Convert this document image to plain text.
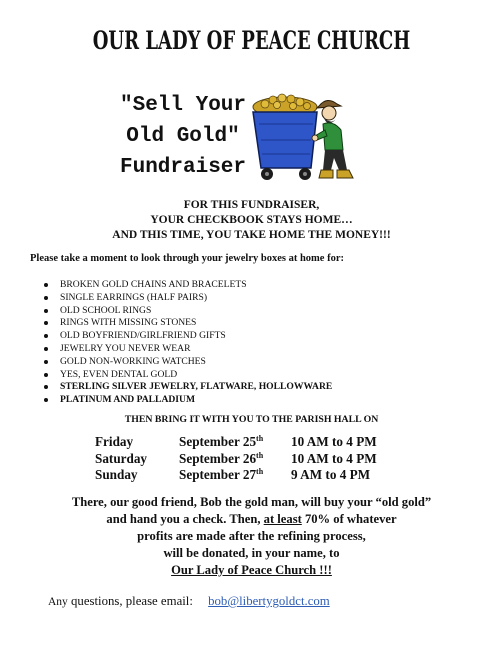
OUR LADY OF PEACE CHURCH
"Sell Your
Old Gold"
Fundraiser
FOR THIS FUNDRAISER,
YOUR CHECKBOOK STAYS HOME…
AND THIS TIME, YOU TAKE HOME THE MONEY!!!
Please take a moment to look through your jewelry boxes at home for:
BROKEN GOLD CHAINS AND BRACELETS
SINGLE EARRINGS (HALF PAIRS)
OLD SCHOOL RINGS
RINGS WITH MISSING STONES
OLD BOYFRIEND/GIRLFRIEND GIFTS
JEWELRY YOU NEVER WEAR
GOLD NON-WORKING WATCHES
YES, EVEN DENTAL GOLD
STERLING SILVER JEWELRY, FLATWARE, HOLLOWWARE
PLATINUM AND PALLADIUM
THEN BRING IT WITH YOU TO THE PARISH HALL ON
Friday	September 25th 10 AM to 4 PM
Saturday September 26th 10 AM to 4 PM
Sunday	September 27th 9 AM to 4 PM
There, our good friend, Bob the gold man, will buy your “old gold”
and hand you a check. Then, at least 70% of whatever
profits are made after the refining process,
will be donated, in your name, to
Our Lady of Peace Church !!!
Any questions, please email: bob@libertygoldct.com
